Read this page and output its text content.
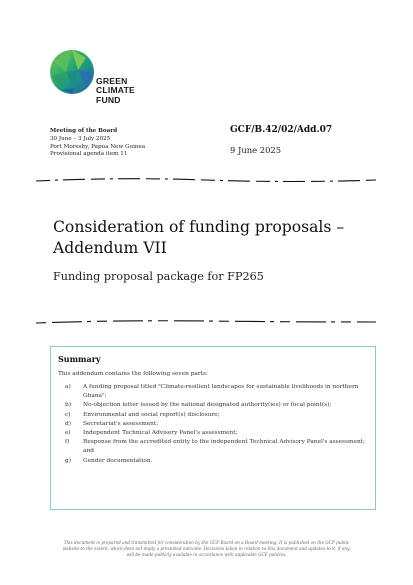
GREEN
CLIMATE
FUND
Meeting of the Board
30 June – 3 July 2025
Port Moresby, Papua New Guinea
Provisional agenda item 11
GCF/B.42/02/Add.07
9 June 2025
Consideration of funding proposals –
Addendum VII
Funding proposal package for FP265
Summary
This addendum contains the following seven parts:
a) A funding proposal titled "Climate-resilient landscapes for sustainable livelihoods in northern Ghana";
b) No-objection letter issued by the national designated authority(ies) or focal point(s);
c) Environmental and social report(s) disclosure;
d) Secretariat's assessment;
e) Independent Technical Advisory Panel's assessment;
f) Response from the accredited entity to the independent Technical Advisory Panel's assessment; and
g) Gender documentation.
This document is prepared and transmitted for consideration by the GCF Board on a Board meeting. It is published on the GCF public
website to the extent, which does not imply a presumed outcome. Decisions taken in relation to this document and updates to it, if any,
will be made publicly available in accordance with applicable GCF policies.
